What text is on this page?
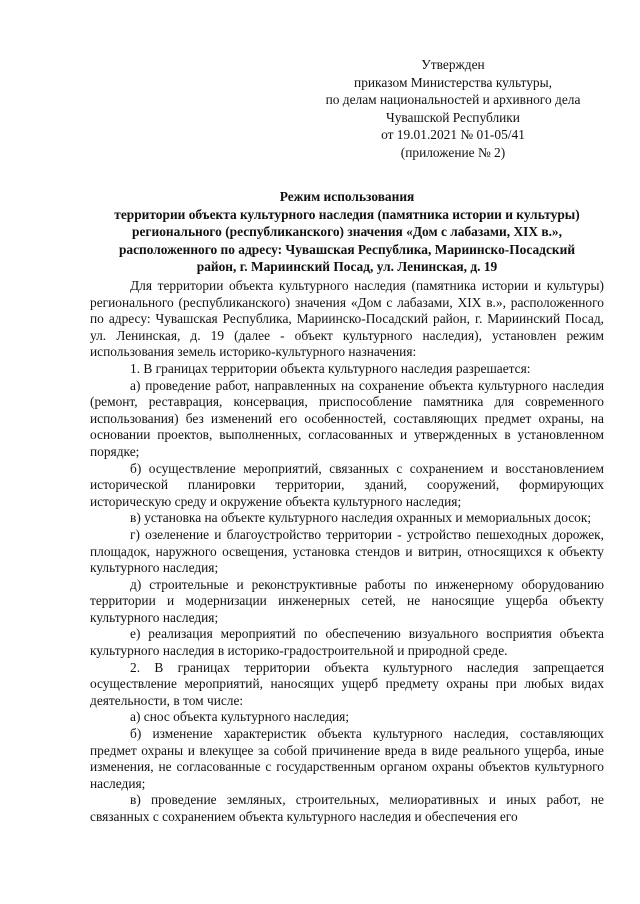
Утвержден
приказом Министерства культуры,
по делам национальностей и архивного дела
Чувашской Республики
от 19.01.2021 № 01-05/41
(приложение № 2)
Режим использования
территории объекта культурного наследия (памятника истории и культуры)
регионального (республиканского) значения «Дом с лабазами, XIX в.»,
расположенного по адресу: Чувашская Республика, Мариинско-Посадский
район, г. Мариинский Посад, ул. Ленинская, д. 19

Для территории объекта культурного наследия (памятника истории и культуры) регионального (республиканского) значения «Дом с лабазами, XIX в.», расположенного по адресу: Чувашская Республика, Мариинско-Посадский район, г. Мариинский Посад, ул. Ленинская, д. 19 (далее - объект культурного наследия), установлен режим использования земель историко-культурного назначения:

1. В границах территории объекта культурного наследия разрешается:

а) проведение работ, направленных на сохранение объекта культурного наследия (ремонт, реставрация, консервация, приспособление памятника для современного использования) без изменений его особенностей, составляющих предмет охраны, на основании проектов, выполненных, согласованных и утвержденных в установленном порядке;

б) осуществление мероприятий, связанных с сохранением и восстановлением исторической планировки территории, зданий, сооружений, формирующих историческую среду и окружение объекта культурного наследия;

в) установка на объекте культурного наследия охранных и мемориальных досок;

г) озеленение и благоустройство территории - устройство пешеходных дорожек, площадок, наружного освещения, установка стендов и витрин, относящихся к объекту культурного наследия;

д) строительные и реконструктивные работы по инженерному оборудованию территории и модернизации инженерных сетей, не наносящие ущерба объекту культурного наследия;

е) реализация мероприятий по обеспечению визуального восприятия объекта культурного наследия в историко-градостроительной и природной среде.

2. В границах территории объекта культурного наследия запрещается осуществление мероприятий, наносящих ущерб предмету охраны при любых видах деятельности, в том числе:

а) снос объекта культурного наследия;

б) изменение характеристик объекта культурного наследия, составляющих предмет охраны и влекущее за собой причинение вреда в виде реального ущерба, иные изменения, не согласованные с государственным органом охраны объектов культурного наследия;

в) проведение земляных, строительных, мелиоративных и иных работ, не связанных с сохранением объекта культурного наследия и обеспечения его
